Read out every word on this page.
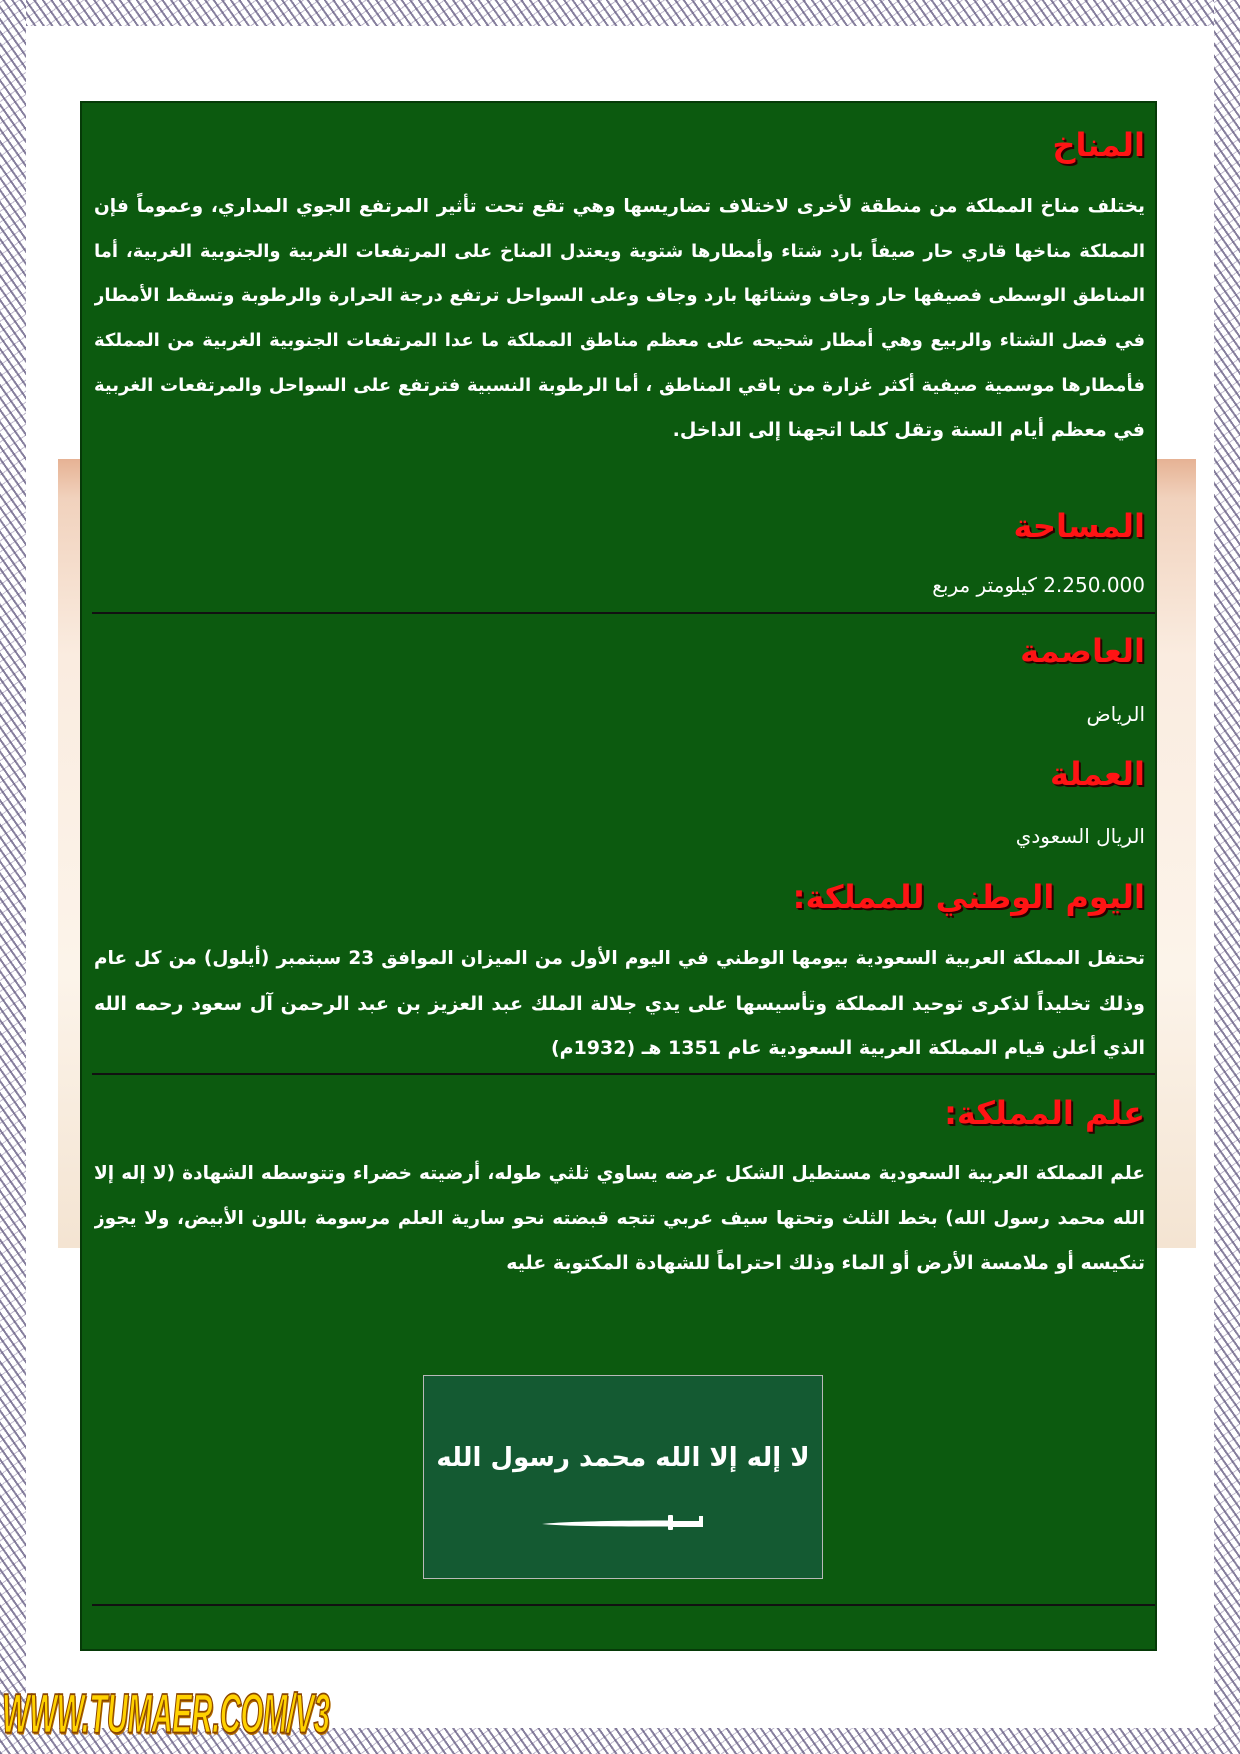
المناخ
يختلف مناخ المملكة من منطقة لأخرى لاختلاف تضاريسها وهي تقع تحت تأثير المرتفع الجوي المداري، وعموماً فإن
المملكة مناخها قاري حار صيفاً بارد شتاء وأمطارها شتوية ويعتدل المناخ على المرتفعات الغربية والجنوبية الغربية، أما
المناطق الوسطى فصيفها حار وجاف وشتائها بارد وجاف وعلى السواحل ترتفع درجة الحرارة والرطوبة وتسقط الأمطار
في فصل الشتاء والربيع وهي أمطار شحيحه على معظم مناطق المملكة ما عدا المرتفعات الجنوبية الغربية من المملكة
فأمطارها موسمية صيفية أكثر غزارة من باقي المناطق ، أما الرطوبة النسبية فترتفع على السواحل والمرتفعات الغربية
في معظم أيام السنة وتقل كلما اتجهنا إلى الداخل.
المساحة
2.250.000 كيلومتر مربع
العاصمة
الرياض
العملة
الريال السعودي
اليوم الوطني للمملكة:
تحتفل المملكة العربية السعودية بيومها الوطني في اليوم الأول من الميزان الموافق 23 سبتمبر (أيلول) من كل عام
وذلك تخليداً لذكرى توحيد المملكة وتأسيسها على يدي جلالة الملك عبد العزيز بن عبد الرحمن آل سعود رحمه الله
الذي أعلن قيام المملكة العربية السعودية عام 1351 هـ (1932م)
علم المملكة:
علم المملكة العربية السعودية مستطيل الشكل عرضه يساوي ثلثي طوله، أرضيته خضراء وتتوسطه الشهادة (لا إله إلا
الله محمد رسول الله) بخط الثلث وتحتها سيف عربي تتجه قبضته نحو سارية العلم مرسومة باللون الأبيض، ولا يجوز
تنكيسه أو ملامسة الأرض أو الماء وذلك احتراماً للشهادة المكتوبة عليه
لا إله إلا الله محمد رسول الله
WWW.TUMAER.COM/V3
